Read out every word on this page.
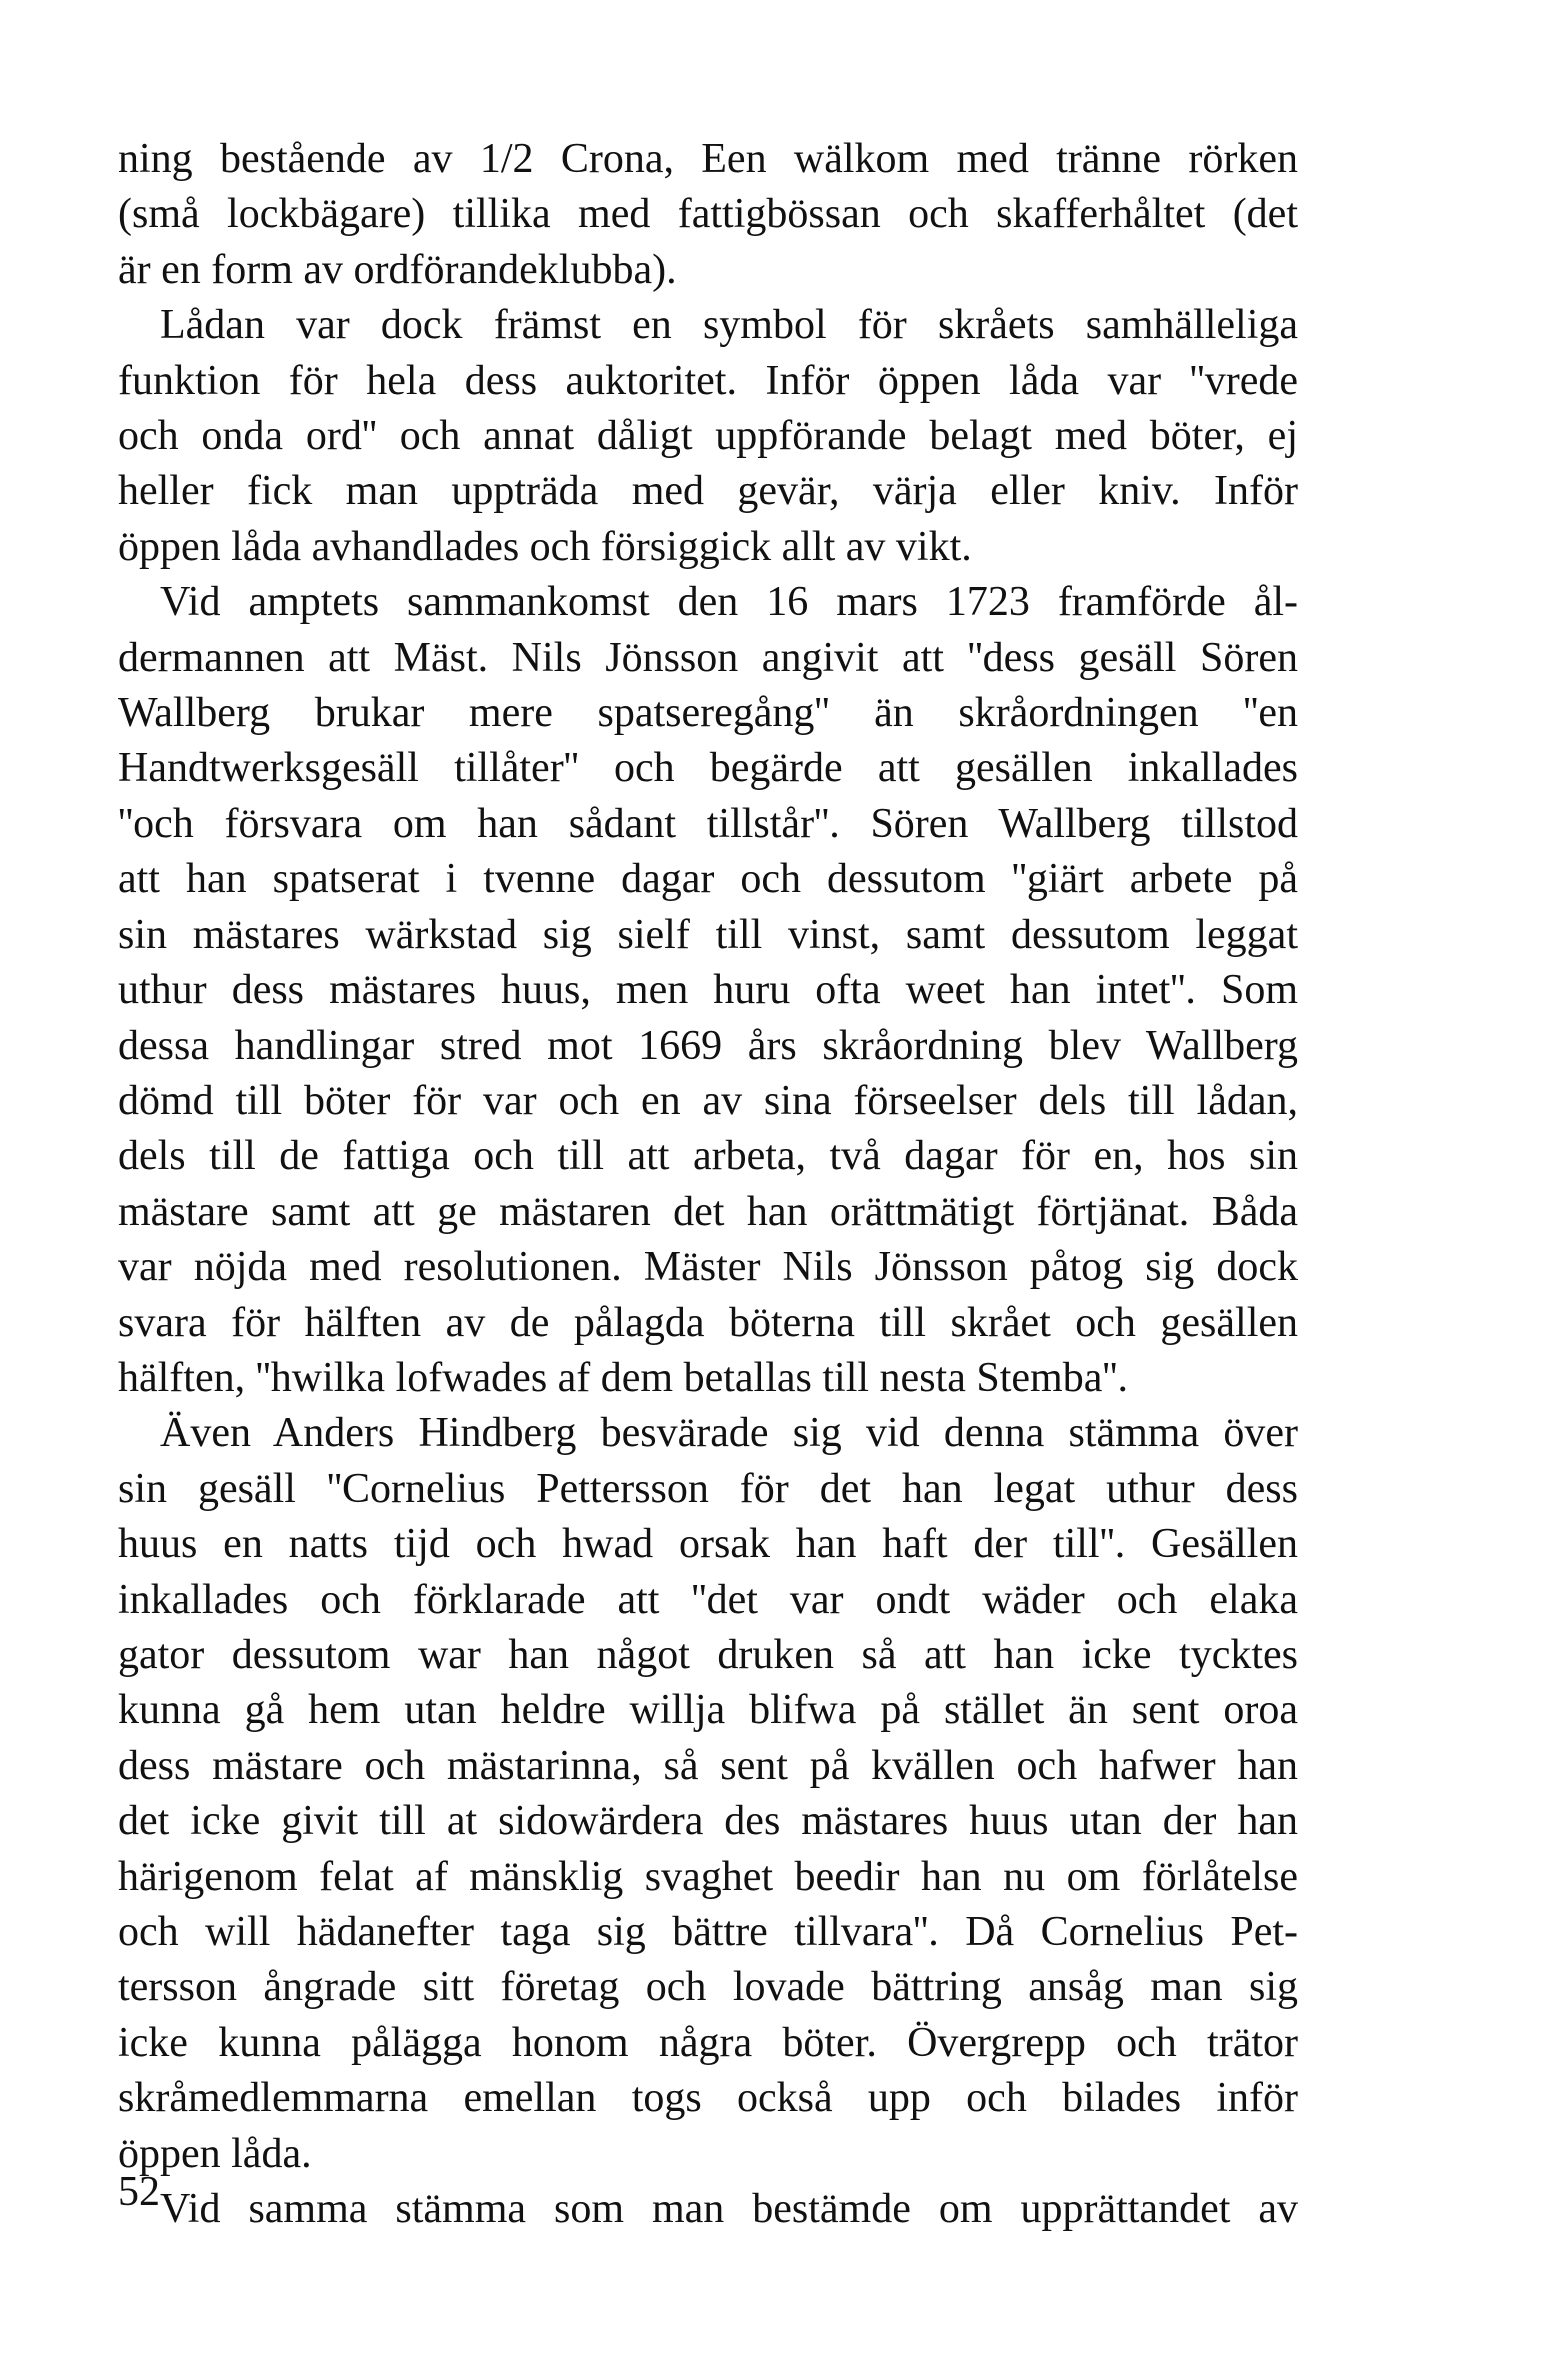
ning bestående av 1/2 Crona, Een wälkom med tränne rörken
(små lockbägare) tillika med fattigbössan och skafferhåltet (det
är en form av ordförandeklubba).
Lådan var dock främst en symbol för skråets samhälleliga
funktion för hela dess auktoritet. Inför öppen låda var ''vrede
och onda ord'' och annat dåligt uppförande belagt med böter, ej
heller fick man uppträda med gevär, värja eller kniv. Inför
öppen låda avhandlades och försiggick allt av vikt.
Vid amptets sammankomst den 16 mars 1723 framförde ål-
dermannen att Mäst. Nils Jönsson angivit att ''dess gesäll Sören
Wallberg brukar mere spatseregång'' än skråordningen ''en
Handtwerksgesäll tillåter'' och begärde att gesällen inkallades
''och försvara om han sådant tillstår''. Sören Wallberg tillstod
att han spatserat i tvenne dagar och dessutom ''giärt arbete på
sin mästares wärkstad sig sielf till vinst, samt dessutom leggat
uthur dess mästares huus, men huru ofta weet han intet''. Som
dessa handlingar stred mot 1669 års skråordning blev Wallberg
dömd till böter för var och en av sina förseelser dels till lådan,
dels till de fattiga och till att arbeta, två dagar för en, hos sin
mästare samt att ge mästaren det han orättmätigt förtjänat. Båda
var nöjda med resolutionen. Mäster Nils Jönsson påtog sig dock
svara för hälften av de pålagda böterna till skrået och gesällen
hälften, ''hwilka lofwades af dem betallas till nesta Stemba''.
Även Anders Hindberg besvärade sig vid denna stämma över
sin gesäll ''Cornelius Pettersson för det han legat uthur dess
huus en natts tijd och hwad orsak han haft der till''. Gesällen
inkallades och förklarade att ''det var ondt wäder och elaka
gator dessutom war han något druken så att han icke tycktes
kunna gå hem utan heldre willja blifwa på stället än sent oroa
dess mästare och mästarinna, så sent på kvällen och hafwer han
det icke givit till at sidowärdera des mästares huus utan der han
härigenom felat af mänsklig svaghet beedir han nu om förlåtelse
och will hädanefter taga sig bättre tillvara''. Då Cornelius Pet-
tersson ångrade sitt företag och lovade bättring ansåg man sig
icke kunna pålägga honom några böter. Övergrepp och trätor
skråmedlemmarna emellan togs också upp och bilades inför
öppen låda.
Vid samma stämma som man bestämde om upprättandet av
52
